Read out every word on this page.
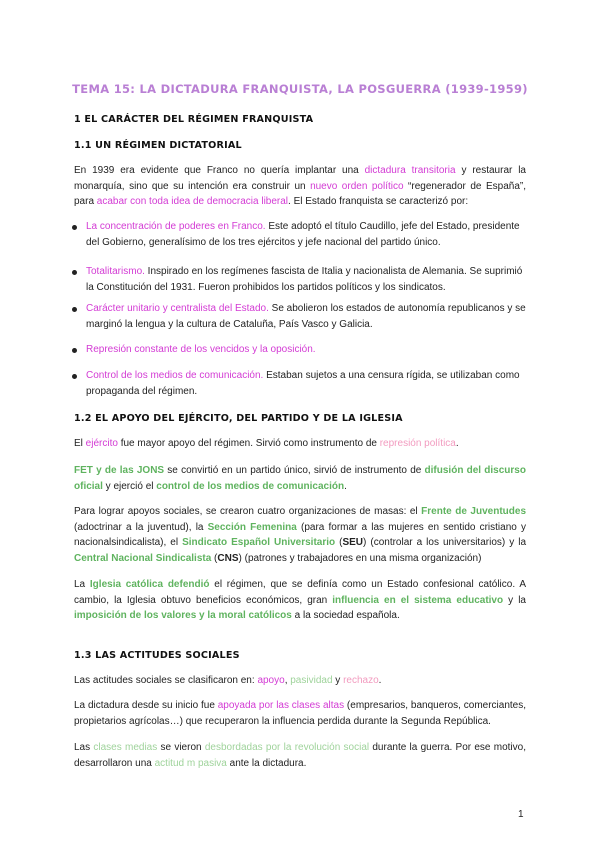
TEMA 15: LA DICTADURA FRANQUISTA, LA POSGUERRA (1939-1959)
1 EL CARÁCTER DEL RÉGIMEN FRANQUISTA
1.1 UN RÉGIMEN DICTATORIAL
En 1939 era evidente que Franco no quería implantar una dictadura transitoria y restaurar la monarquía, sino que su intención era construir un nuevo orden político “regenerador de España”, para acabar con toda idea de democracia liberal. El Estado franquista se caracterizó por:
La concentración de poderes en Franco. Este adoptó el título Caudillo, jefe del Estado, presidente del Gobierno, generalísimo de los tres ejércitos y jefe nacional del partido único.
Totalitarismo. Inspirado en los regímenes fascista de Italia y nacionalista de Alemania. Se suprimió la Constitución del 1931. Fueron prohibidos los partidos políticos y los sindicatos.
Carácter unitario y centralista del Estado. Se abolieron los estados de autonomía republicanos y se marginó la lengua y la cultura de Cataluña, País Vasco y Galicia.
Represión constante de los vencidos y la oposición.
Control de los medios de comunicación. Estaban sujetos a una censura rígida, se utilizaban como propaganda del régimen.
1.2 EL APOYO DEL EJÉRCITO, DEL PARTIDO Y DE LA IGLESIA
El ejército fue mayor apoyo del régimen. Sirvió como instrumento de represión política.
FET y de las JONS se convirtió en un partido único, sirvió de instrumento de difusión del discurso oficial y ejerció el control de los medios de comunicación.
Para lograr apoyos sociales, se crearon cuatro organizaciones de masas: el Frente de Juventudes (adoctrinar a la juventud), la Sección Femenina (para formar a las mujeres en sentido cristiano y nacionalsindicalista), el Sindicato Español Universitario (SEU) (controlar a los universitarios) y la Central Nacional Sindicalista (CNS) (patrones y trabajadores en una misma organización)
La Iglesia católica defendió el régimen, que se definía como un Estado confesional católico. A cambio, la Iglesia obtuvo beneficios económicos, gran influencia en el sistema educativo y la imposición de los valores y la moral católicos a la sociedad española.
1.3 LAS ACTITUDES SOCIALES
Las actitudes sociales se clasificaron en: apoyo, pasividad y rechazo.
La dictadura desde su inicio fue apoyada por las clases altas (empresarios, banqueros, comerciantes, propietarios agrícolas…) que recuperaron la influencia perdida durante la Segunda República.
Las clases medias se vieron desbordadas por la revolución social durante la guerra. Por ese motivo, desarrollaron una actitud m pasiva ante la dictadura.
1
